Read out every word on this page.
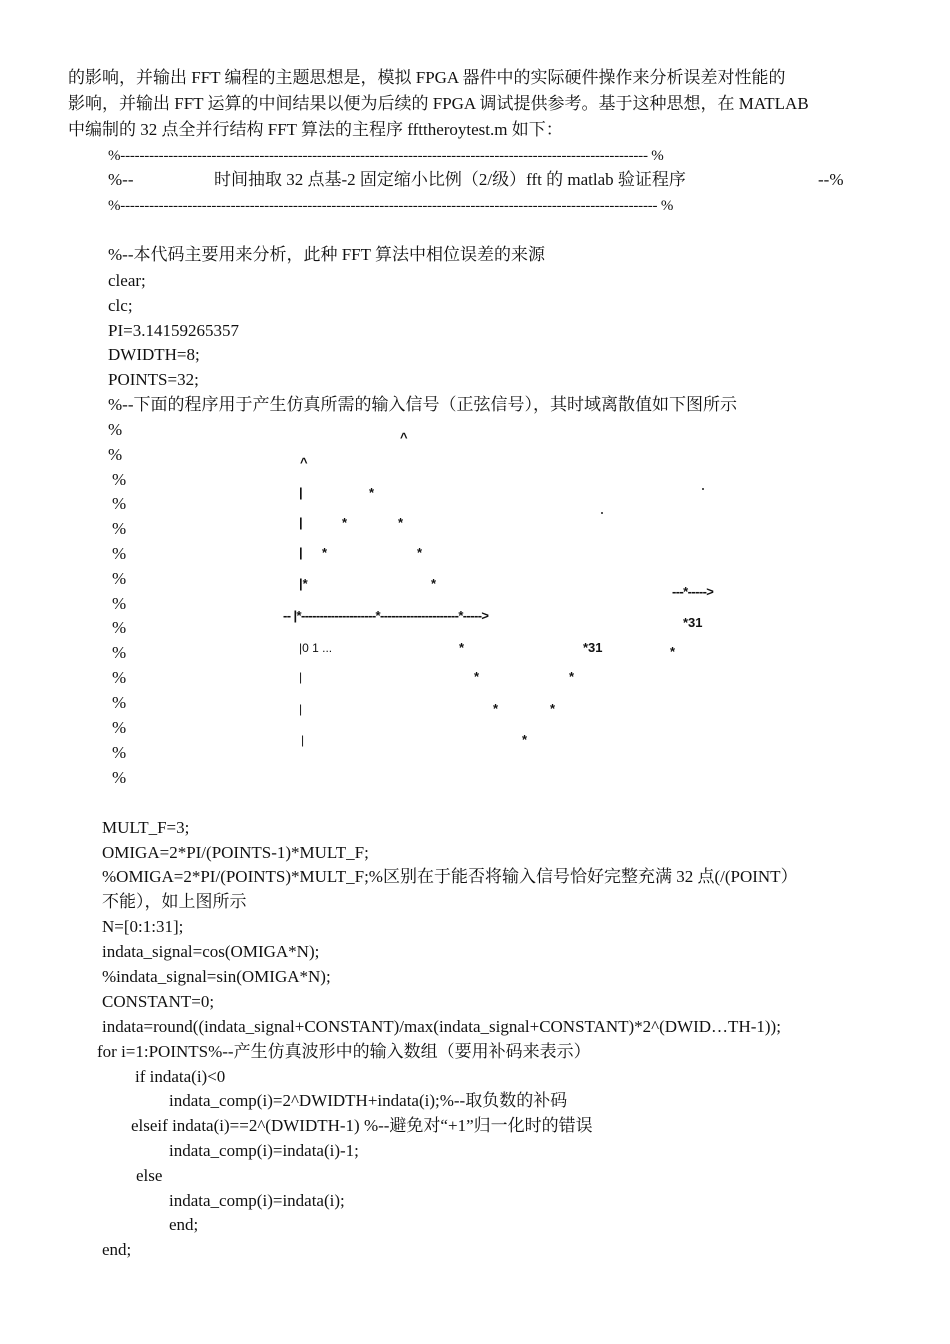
的影响，并输出 FFT 编程的主题思想是，模拟 FPGA 器件中的实际硬件操作来分析误差对性能的
影响，并输出 FFT 运算的中间结果以便为后续的 FPGA 调试提供参考。基于这种思想，在 MATLAB
中编制的 32 点全并行结构 FFT 算法的主程序 ffttheroytest.m 如下：
%-------------------------------------------------------------------------------------------------------------- %
%--	时间抽取 32 点基-2 固定缩小比例（2/级）fft 的 matlab 验证程序	--%
%---------------------------------------------------------------------------------------------------------------- %
%--本代码主要用来分析，此种 FFT 算法中相位误差的来源
clear;
clc;
PI=3.14159265357
DWIDTH=8;
POINTS=32;
%--下面的程序用于产生仿真所需的输入信号（正弦信号），其时域离散值如下图所示
%
%
%
%
%
%
%
%
%
%
%
%
%
%
%
^
^
|	*
|	*	*
| *	*
|*	*
-- |*--------------------*---------------------*----->
---*----->
*31
*
|0 1 ...	*	*31
|	*	*
|	*	*
|	*
MULT_F=3;
OMIGA=2*PI/(POINTS-1)*MULT_F;
%OMIGA=2*PI/(POINTS)*MULT_F;%区别在于能否将输入信号恰好完整充满 32 点(/(POINT）
不能），如上图所示
N=[0:1:31];
indata_signal=cos(OMIGA*N);
%indata_signal=sin(OMIGA*N);
CONSTANT=0;
indata=round((indata_signal+CONSTANT)/max(indata_signal+CONSTANT)*2^(DWID…TH-1));
for i=1:POINTS%--产生仿真波形中的输入数组（要用补码来表示）
if indata(i)<0
indata_comp(i)=2^DWIDTH+indata(i);%--取负数的补码
elseif indata(i)==2^(DWIDTH-1) %--避免对“+1”归一化时的错误
indata_comp(i)=indata(i)-1;
else
indata_comp(i)=indata(i);
end;
end;
